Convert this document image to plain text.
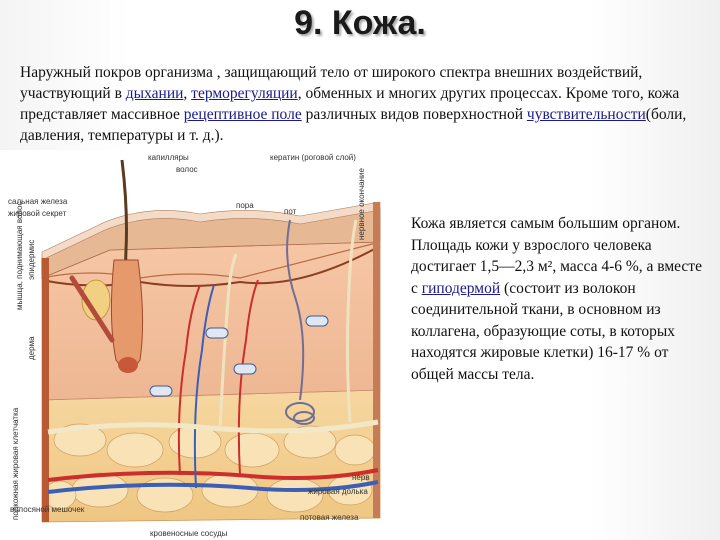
9. Кожа.
Наружный покров организма , защищающий тело от широкого спектра внешних воздействий, участвующий в дыхании, терморегуляции, обменных и многих других процессах. Кроме того, кожа представляет массивное рецептивное поле различных видов поверхностной чувствительности(боли, давления, температуры и т. д.).
Кожа является самым большим органом. Площадь кожи у взрослого человека достигает 1,5—2,3 м², масса 4-6 %, а вместе с гиподермой (состоит из волокон соединительной ткани, в основном из коллагена, образующие соты, в которых находятся жировые клетки) 16-17 % от общей массы тела.
капилляры
волос
кератин (роговой слой)
сальная железа
жировой секрет
пора
пот	нервное окончание
мышца, поднимающая волос эпидермис
дерма
подкожная жировая клетчатка	нерв
жировая долька
волосяной мешочек
потовая железа
кровеносные сосуды
